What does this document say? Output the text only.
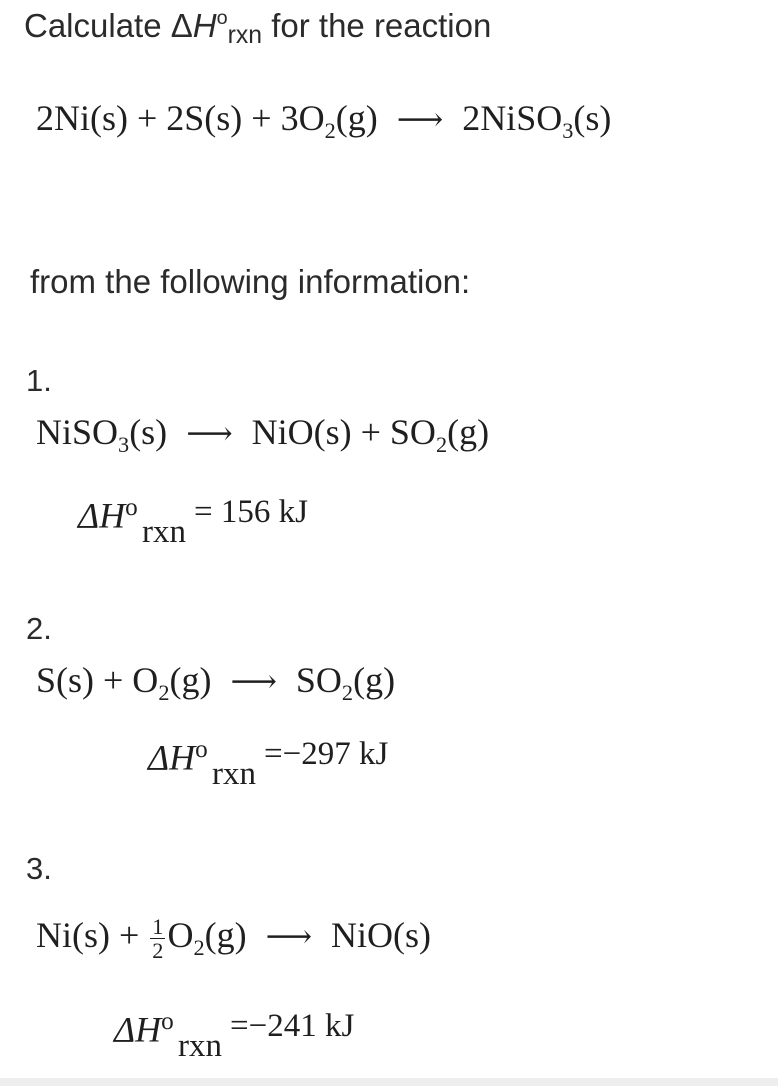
Calculate $\Delta H^o_{rxn}$ for the reaction
$2Ni(s) + 2S(s) + 3O_2(g)$ ⟶ 2NiSO$_3$(s)
from the following information:
1.
NiSO$_3$(s) ⟶ $NiO(s) + SO_2(g)$
$\Delta H^o$
rxn
= 156 kJ
2.
$S(s) + O_2(g)$ ⟶ $SO_2(g)$
$\Delta H^o$
rxn
=−297 kJ
3.
$Ni(s) + \frac{1}{2} O_2(g)$ ⟶ NiO(s)
$\Delta H^o$
rxn
=−241 kJ
